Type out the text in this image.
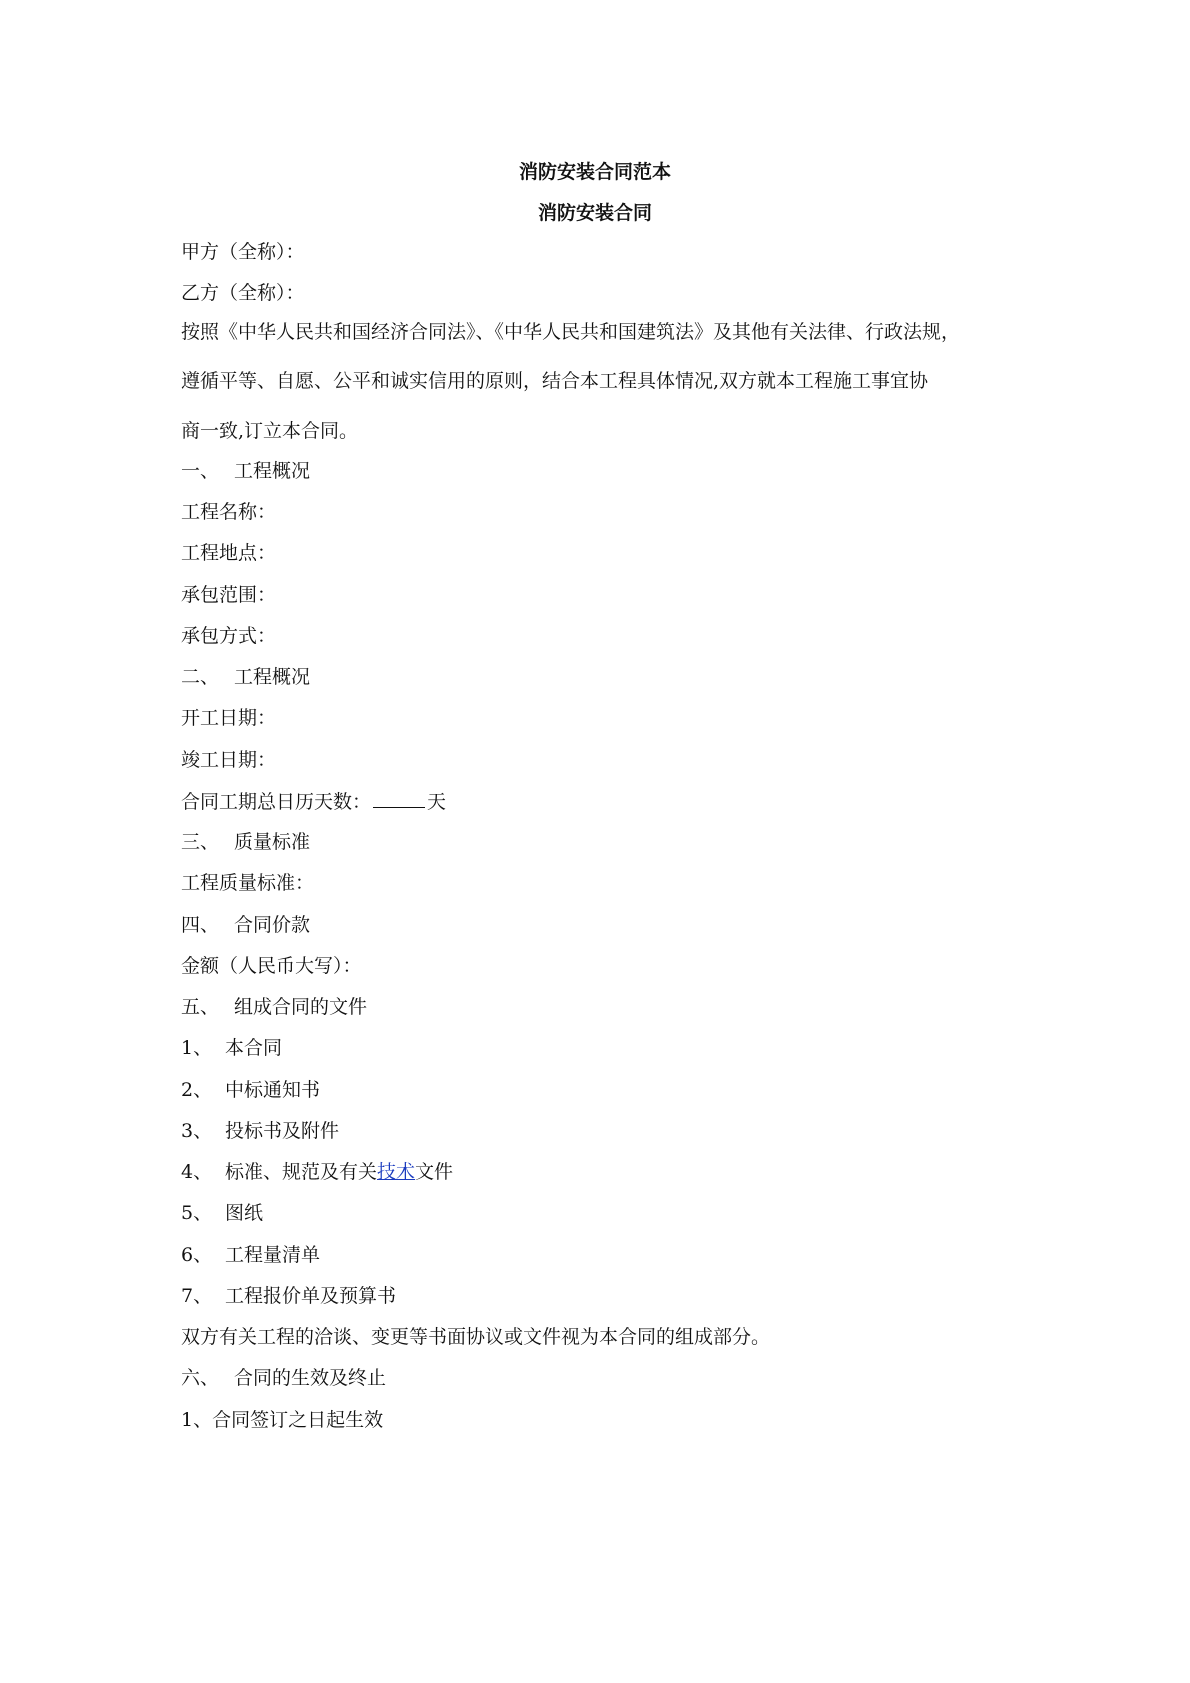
消防安装合同范本
消防安装合同
甲方（全称）：
乙方（全称）：
按照《中华人民共和国经济合同法》、《中华人民共和国建筑法》及其他有关法律、行政法规，
遵循平等、自愿、公平和诚实信用的原则，结合本工程具体情况,双方就本工程施工事宜协
商一致,订立本合同。
一、 工程概况
工程名称：
工程地点：
承包范围：
承包方式：
二、 工程概况
开工日期：
竣工日期：
合同工期总日历天数：	天
三、 质量标准
工程质量标准：
四、 合同价款
金额（人民币大写）：
五、 组成合同的文件
1、 本合同
2、 中标通知书
3、 投标书及附件
4、 标准、规范及有关技术文件
5、 图纸
6、 工程量清单
7、 工程报价单及预算书
双方有关工程的洽谈、变更等书面协议或文件视为本合同的组成部分。
六、 合同的生效及终止
1、合同签订之日起生效
